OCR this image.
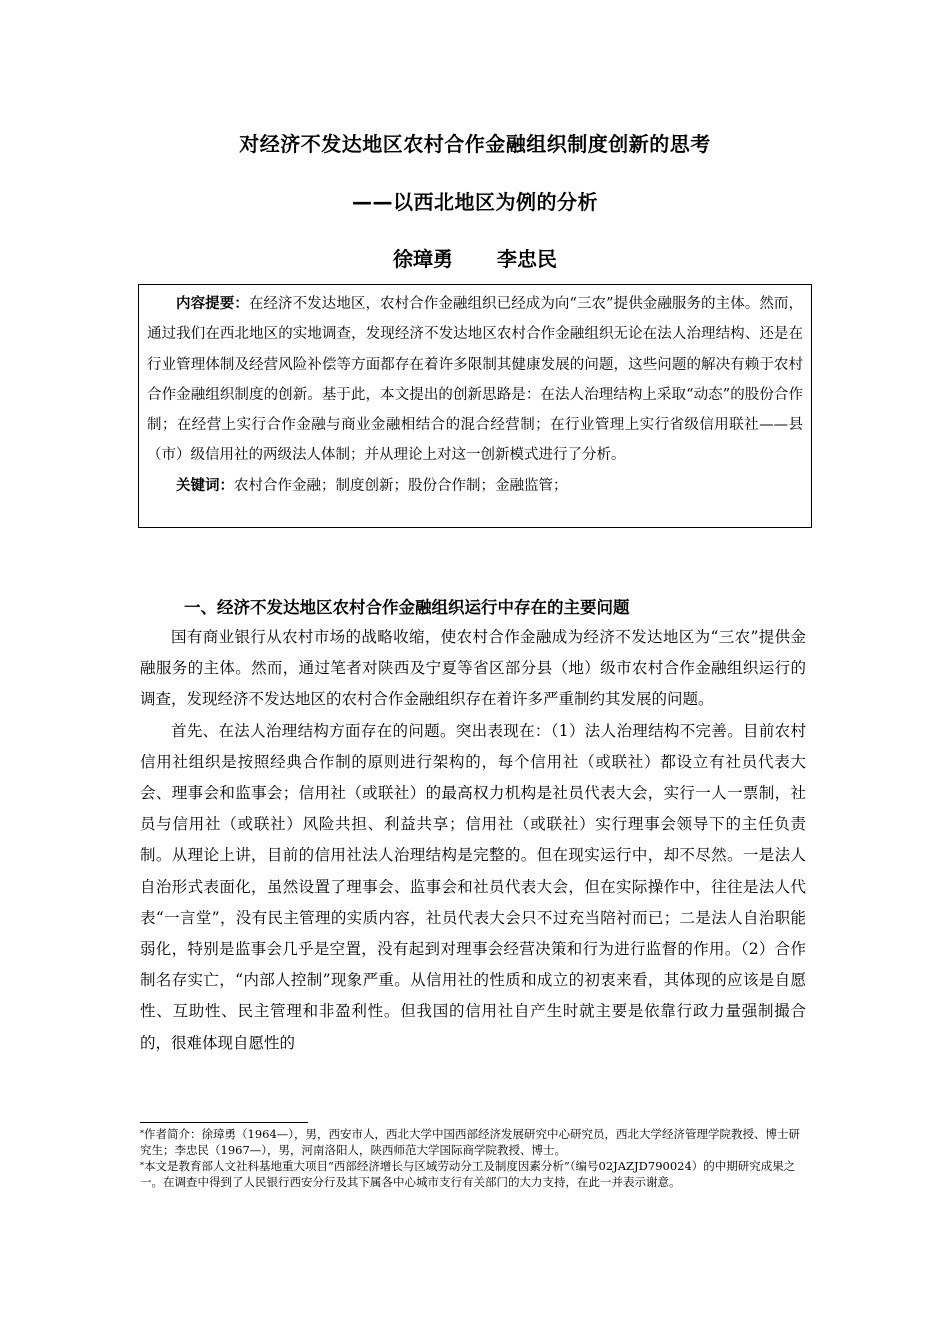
对经济不发达地区农村合作金融组织制度创新的思考
——以西北地区为例的分析
徐璋勇 李忠民

内容提要：在经济不发达地区，农村合作金融组织已经成为向“三农”提供金融服务的主体。然而，通过我们在西北地区的实地调查，发现经济不发达地区农村合作金融组织无论在法人治理结构、还是在行业管理体制及经营风险补偿等方面都存在着许多限制其健康发展的问题，这些问题的解决有赖于农村合作金融组织制度的创新。基于此，本文提出的创新思路是：在法人治理结构上采取“动态”的股份合作制；在经营上实行合作金融与商业金融相结合的混合经营制；在行业管理上实行省级信用联社——县（市）级信用社的两级法人体制；并从理论上对这一创新模式进行了分析。

关键词：农村合作金融；制度创新；股份合作制；金融监管；

一、经济不发达地区农村合作金融组织运行中存在的主要问题

国有商业银行从农村市场的战略收缩，使农村合作金融成为经济不发达地区为“三农”提供金融服务的主体。然而，通过笔者对陕西及宁夏等省区部分县（地）级市农村合作金融组织运行的调查，发现经济不发达地区的农村合作金融组织存在着许多严重制约其发展的问题。

首先、在法人治理结构方面存在的问题。突出表现在：（1）法人治理结构不完善。目前农村信用社组织是按照经典合作制的原则进行架构的，每个信用社（或联社）都设立有社员代表大会、理事会和监事会；信用社（或联社）的最高权力机构是社员代表大会，实行一人一票制，社员与信用社（或联社）风险共担、利益共享；信用社（或联社）实行理事会领导下的主任负责制。从理论上讲，目前的信用社法人治理结构是完整的。但在现实运行中，却不尽然。一是法人自治形式表面化，虽然设置了理事会、监事会和社员代表大会，但在实际操作中，往往是法人代表“一言堂”，没有民主管理的实质内容，社员代表大会只不过充当陪衬而已；二是法人自治职能弱化，特别是监事会几乎是空置，没有起到对理事会经营决策和行为进行监督的作用。（2）合作制名存实亡，“内部人控制”现象严重。从信用社的性质和成立的初衷来看，其体现的应该是自愿性、互助性、民主管理和非盈利性。但我国的信用社自产生时就主要是依靠行政力量强制撮合的，很难体现自愿性的

*作者简介：徐璋勇（1964—），男，西安市人，西北大学中国西部经济发展研究中心研究员，西北大学经济管理学院教授、博士研究生；李忠民（1967—），男，河南洛阳人，陕西师范大学国际商学院教授、博士。

*本文是教育部人文社科基地重大项目“西部经济增长与区域劳动分工及制度因素分析”（编号02JAZJD790024）的中期研究成果之一。在调查中得到了人民银行西安分行及其下属各中心城市支行有关部门的大力支持，在此一并表示谢意。
